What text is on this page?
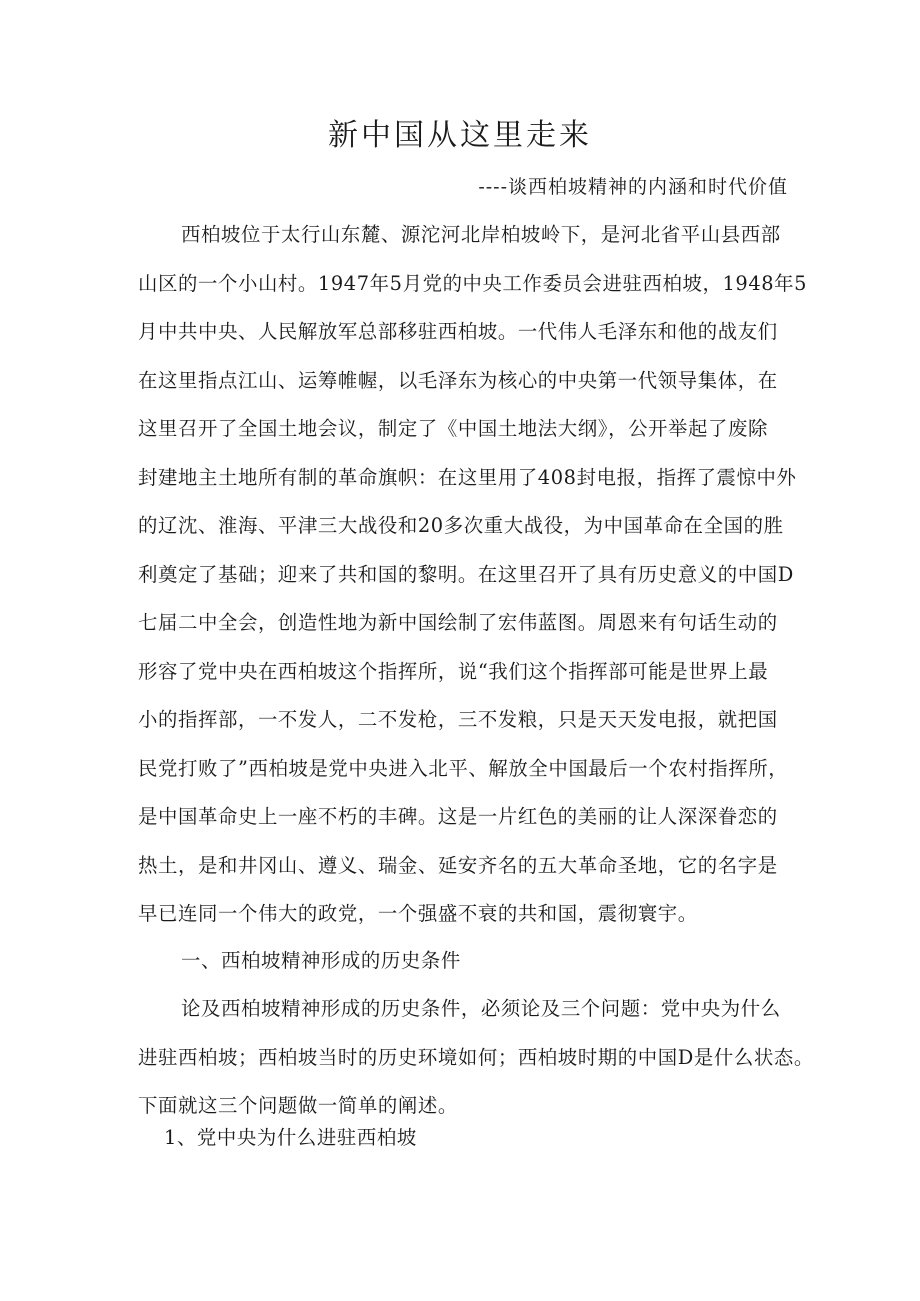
新中国从这里走来

----谈西柏坡精神的内涵和时代价值

西柏坡位于太行山东麓、源沱河北岸柏坡岭下，是河北省平山县西部
山区的一个小山村。1947年5月党的中央工作委员会进驻西柏坡，1948年5
月中共中央、人民解放军总部移驻西柏坡。一代伟人毛泽东和他的战友们
在这里指点江山、运筹帷幄，以毛泽东为核心的中央第一代领导集体，在
这里召开了全国土地会议，制定了《中国土地法大纲》，公开举起了废除
封建地主土地所有制的革命旗帜：在这里用了408封电报，指挥了震惊中外
的辽沈、淮海、平津三大战役和20多次重大战役，为中国革命在全国的胜
利奠定了基础；迎来了共和国的黎明。在这里召开了具有历史意义的中国D
七届二中全会，创造性地为新中国绘制了宏伟蓝图。周恩来有句话生动的
形容了党中央在西柏坡这个指挥所，说“我们这个指挥部可能是世界上最
小的指挥部，一不发人，二不发枪，三不发粮，只是天天发电报，就把国
民党打败了”西柏坡是党中央进入北平、解放全中国最后一个农村指挥所，
是中国革命史上一座不朽的丰碑。这是一片红色的美丽的让人深深眷恋的
热土，是和井冈山、遵义、瑞金、延安齐名的五大革命圣地，它的名字是
早已连同一个伟大的政党，一个强盛不衰的共和国，震彻寰宇。

一、西柏坡精神形成的历史条件

论及西柏坡精神形成的历史条件，必须论及三个问题：党中央为什么
进驻西柏坡；西柏坡当时的历史环境如何；西柏坡时期的中国D是什么状态。
下面就这三个问题做一简单的阐述。

1、党中央为什么进驻西柏坡
